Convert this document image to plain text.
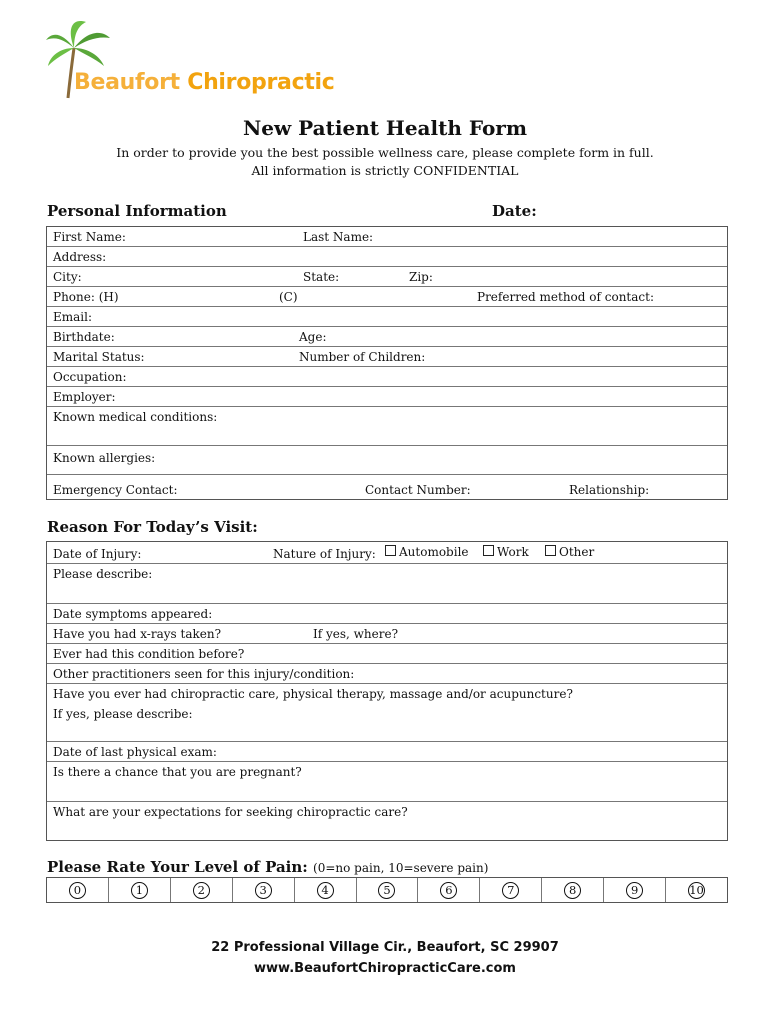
Beaufort Chiropractic
New Patient Health Form
In order to provide you the best possible wellness care, please complete form in full.
All information is strictly CONFIDENTIAL
Personal Information	Date:
First Name:	Last Name:
Address:
City:	State:	Zip:
Phone: (H)	(C)	Preferred method of contact:
Email:
Birthdate:	Age:
Marital Status:	Number of Children:
Occupation:
Employer:
Known medical conditions:
Known allergies:
Emergency Contact:	Contact Number:	Relationship:
Reason For Today’s Visit:
Date of Injury:	Nature of Injury:	Automobile	Work	Other
Please describe:
Date symptoms appeared:
Have you had x-rays taken?	If yes, where?
Ever had this condition before?
Other practitioners seen for this injury/condition:
Have you ever had chiropractic care, physical therapy, massage and/or acupuncture?
If yes, please describe:
Date of last physical exam:
Is there a chance that you are pregnant?
What are your expectations for seeking chiropractic care?
Please Rate Your Level of Pain: (0=no pain, 10=severe pain)
0	1	2	3	4	5	6	7	8	9	10
22 Professional Village Cir., Beaufort, SC 29907
www.BeaufortChiropracticCare.com
